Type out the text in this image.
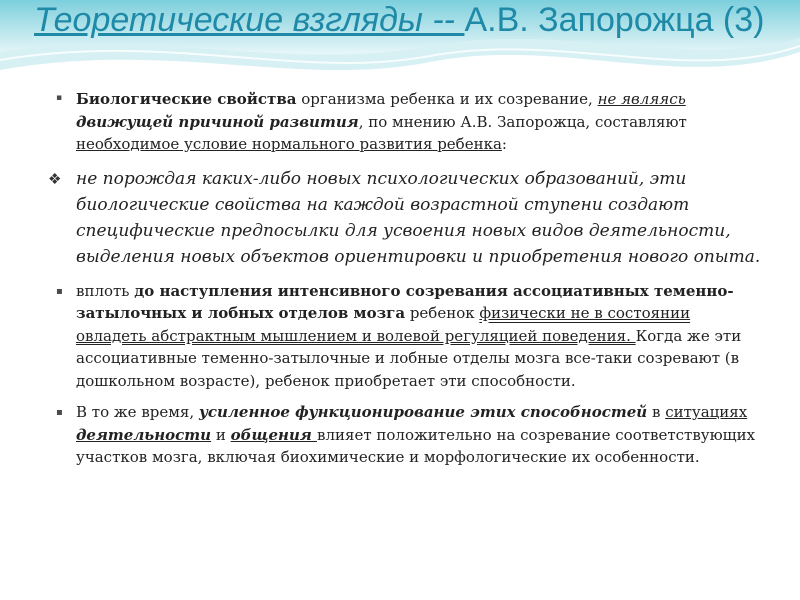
Теоретические взгляды -- А.В. Запорожца (3)
▪ Биологические свойства организма ребенка и их созревание, не являясь движущей причиной развития, по мнению А.В. Запорожца, составляют необходимое условие нормального развития ребенка:
❖ не порождая каких-либо новых психологических образований, эти биологические свойства на каждой возрастной ступени создают специфические предпосылки для усвоения новых видов деятельности, выделения новых объектов ориентировки и приобретения нового опыта.
▪ вплоть до наступления интенсивного созревания ассоциативных теменно-затылочных и лобных отделов мозга ребенок физически не в состоянии овладеть абстрактным мышлением и волевой регуляцией поведения. Когда же эти ассоциативные теменно-затылочные и лобные отделы мозга все-таки созревают (в дошкольном возрасте), ребенок приобретает эти способности.
▪ В то же время, усиленное функционирование этих способностей в ситуациях деятельности и общения влияет положительно на созревание соответствующих участков мозга, включая биохимические и морфологические их особенности.
